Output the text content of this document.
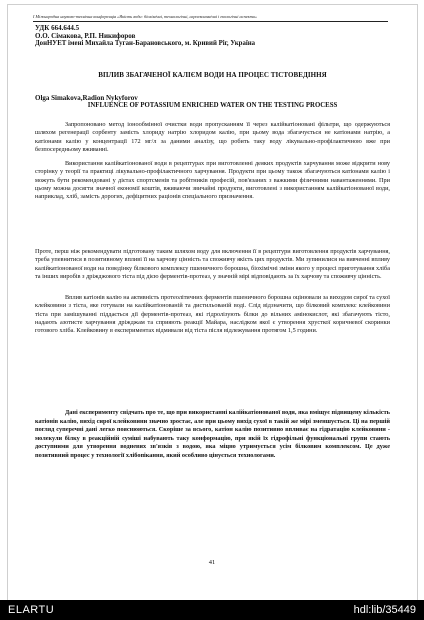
І Міжнародна науково-технічна конференція «Якість води: біохімічні, технологічні, агроекономічні і екологічні аспекти»
УДК 664.644.5
О.О. Сімакова, Р.П. Никифоров
ДонНУЕТ імені Михайла Туган-Барановського, м. Кривий Ріг, Україна
ВПЛИВ ЗБАГАЧЕНОЇ КАЛІЄМ ВОДИ НА ПРОЦЕС ТІСТОВЕДІННЯ
Olga Simakova,Radion Nykyforov
INFLUENCE OF POTASSIUM ENRICHED WATER ON THE TESTING PROCESS

Запропоновано метод іонообмінної очистки води пропусканням її через калійкатіоновані фільтри, що одержуються шляхом регенерації сорбенту замість хлориду натрію хлоридом калію, при цьому вода збагачується не катіонами натрію, а катіонами калію у концентрації 172 мг/л за даними аналізу, що робить таку воду лікувально-профілактичною вже при безпосередньому вживанні.

Використання калійкатіонованої води в рецептурах при виготовленні деяких продуктів харчування може відкрити нову сторінку у теорії та практиці лікувально-профілактичного харчування. Продукти при цьому також збагачуються катіонами калію і можуть бути рекомендовані у дієтах спортсменів та робітників професій, пов'язаних з важкими фізичними навантаженнями. При цьому можна досягти значної економії коштів, вживаючи звичайні продукти, виготовлені з використанням калійкатіонованої води, наприклад, хліб, замість дорогих, дефіцитних раціонів спеціального призначення.

Проте, перш ніж рекомендувати підготовану таким шляхом воду для включення її в рецептури виготовлення продуктів харчування, треба упевнитися в позитивному впливі її на харчову цінність та споживчу якість цих продуктів. Ми зупинилися на вивченні впливу калійкатіонованої води на поведінку білкового комплексу пшеничного борошна, біохімічні зміни якого у процесі приготування хліба та інших виробів з дріжджового тіста під дією ферментів-протеаз, у значній мірі відповідають за їх харчову та споживчу цінність.

Вплив катіонів калію на активність протеолітичних ферментів пшеничного борошна оцінювали за виходом сирої та сухої клейковини з тіста, яке готували на калійкатіонованій та дистильованій воді. Слід відзначити, що білковий комплекс клейковини тіста при замішуванні піддається дії ферментів-протеаз, які гідролізують білки до вільних амінокислот, які збагачують тісто, надають азотисте харчування дріжджам та сприяють реакції Майара, наслідком якої є утворення хрусткої коричневої скоринки готового хліба. Клейковину в експериментах відмивали від тіста після відлежування протягом 1,5 години.

Дані експерименту свідчать про те, що при використанні калійкатіонованої води, яка вміщує підвищену кількість катіонів калію, вихід сирої клейковини значно зростає, але при цьому вихід сухої в такій же мірі зменшується. Ці на першій погляд суперечні дані легко пояснюються. Скоріше за всього, катіон калію позитивно впливає на гідратацію клейковини - молекули білку в реакційній суміші набувають таку конформацію, при якій їх гідрофільні функціональні групи стають доступними для утворення водневих зв'язків з водою, яка міцно утримується усім білковим комплексом. Це дуже позитивний процес у технології хлібопікання, який особливо цінується технологами.

41
ELARTU	hdl:lib/35449
